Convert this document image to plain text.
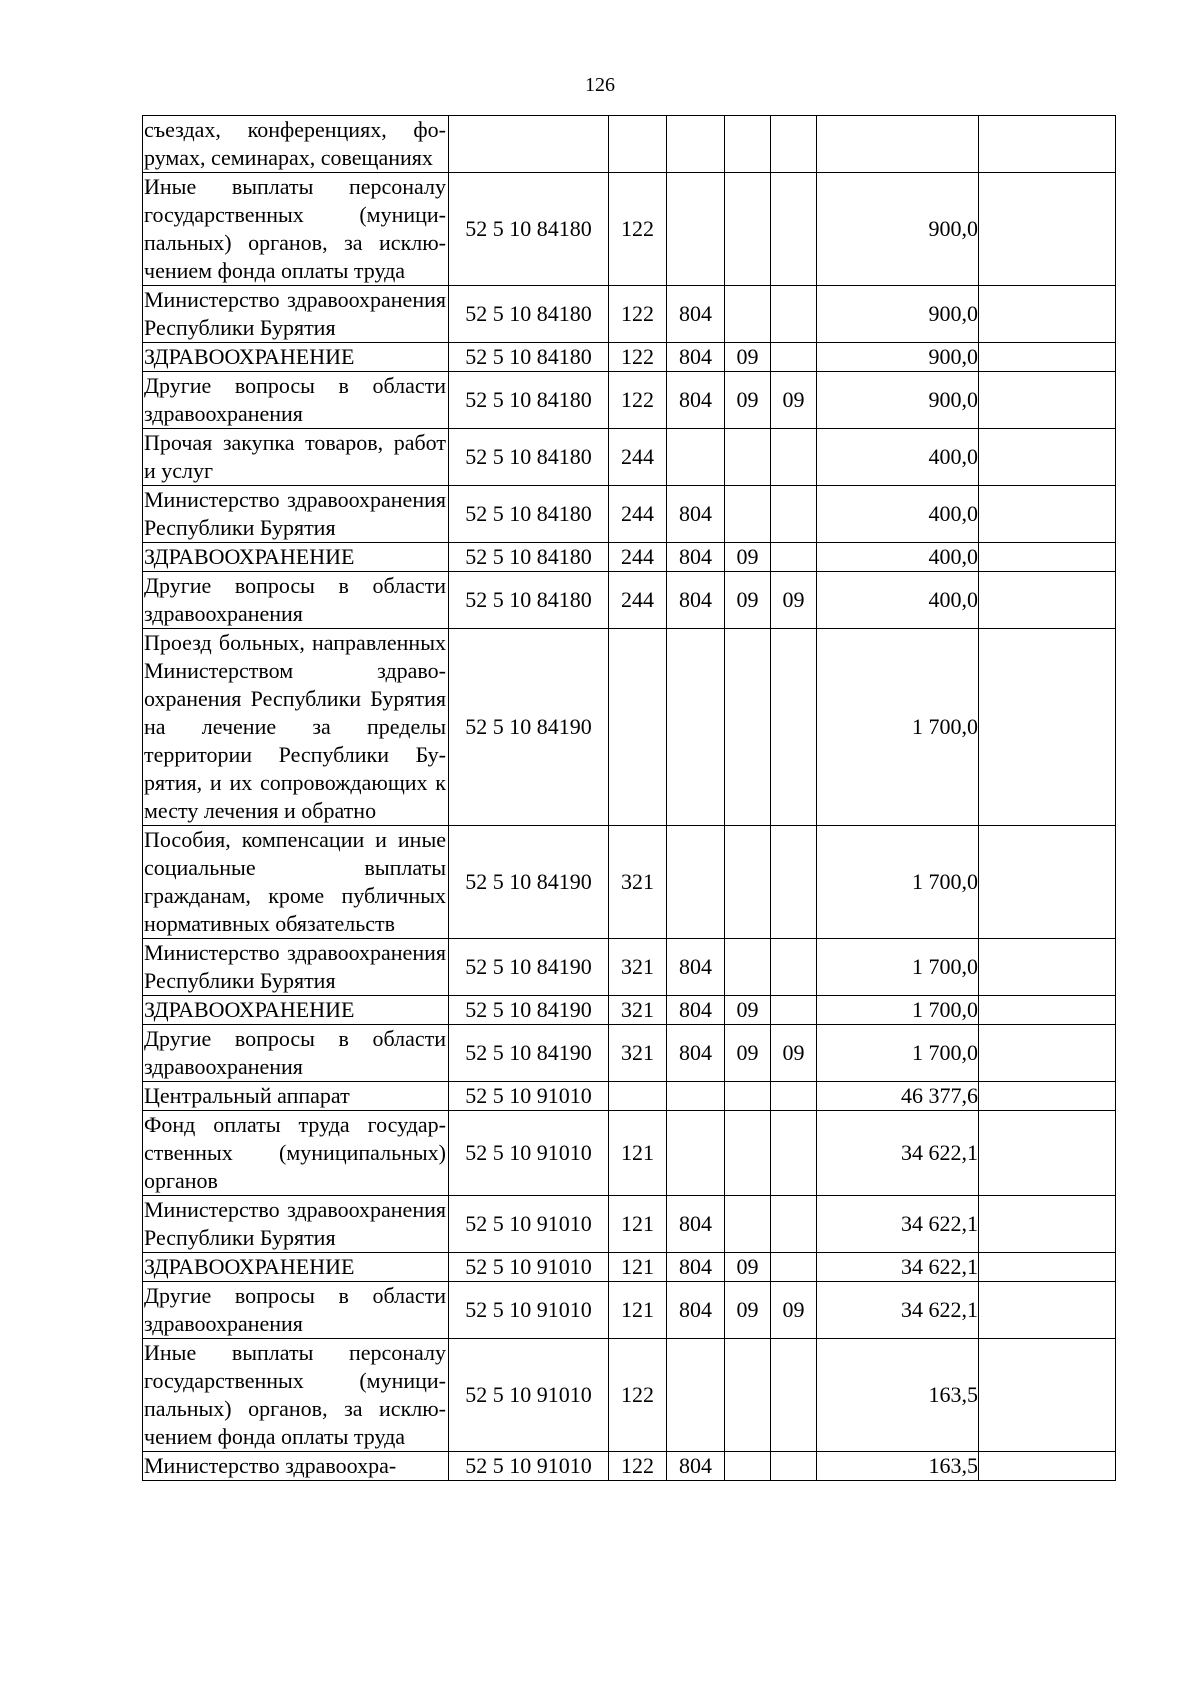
126
съездах, конференциях, форумах, семинарах, совещаниях							
Иные выплаты персоналу государственных (муниципальных) органов, за исключением фонда оплаты труда	52 5 10 84180	122				900,0	
Министерство здравоохранения Республики Бурятия	52 5 10 84180	122	804			900,0	
ЗДРАВООХРАНЕНИЕ	52 5 10 84180	122	804	09		900,0	
Другие вопросы в области здравоохранения	52 5 10 84180	122	804	09	09	900,0	
Прочая закупка товаров, работ и услуг	52 5 10 84180	244				400,0	
Министерство здравоохранения Республики Бурятия	52 5 10 84180	244	804			400,0	
ЗДРАВООХРАНЕНИЕ	52 5 10 84180	244	804	09		400,0	
Другие вопросы в области здравоохранения	52 5 10 84180	244	804	09	09	400,0	
Проезд больных, направленных Министерством здравоохранения Республики Бурятия на лечение за пределы территории Республики Бурятия, и их сопровождающих к месту лечения и обратно	52 5 10 84190					1 700,0	
Пособия, компенсации и иные социальные выплаты гражданам, кроме публичных нормативных обязательств	52 5 10 84190	321				1 700,0	
Министерство здравоохранения Республики Бурятия	52 5 10 84190	321	804			1 700,0	
ЗДРАВООХРАНЕНИЕ	52 5 10 84190	321	804	09		1 700,0	
Другие вопросы в области здравоохранения	52 5 10 84190	321	804	09	09	1 700,0	
Центральный аппарат	52 5 10 91010					46 377,6	
Фонд оплаты труда государственных (муниципальных) органов	52 5 10 91010	121				34 622,1	
Министерство здравоохранения Республики Бурятия	52 5 10 91010	121	804			34 622,1	
ЗДРАВООХРАНЕНИЕ	52 5 10 91010	121	804	09		34 622,1	
Другие вопросы в области здравоохранения	52 5 10 91010	121	804	09	09	34 622,1	
Иные выплаты персоналу государственных (муниципальных) органов, за исключением фонда оплаты труда	52 5 10 91010	122				163,5	
Министерство здравоохра-	52 5 10 91010	122	804			163,5	
